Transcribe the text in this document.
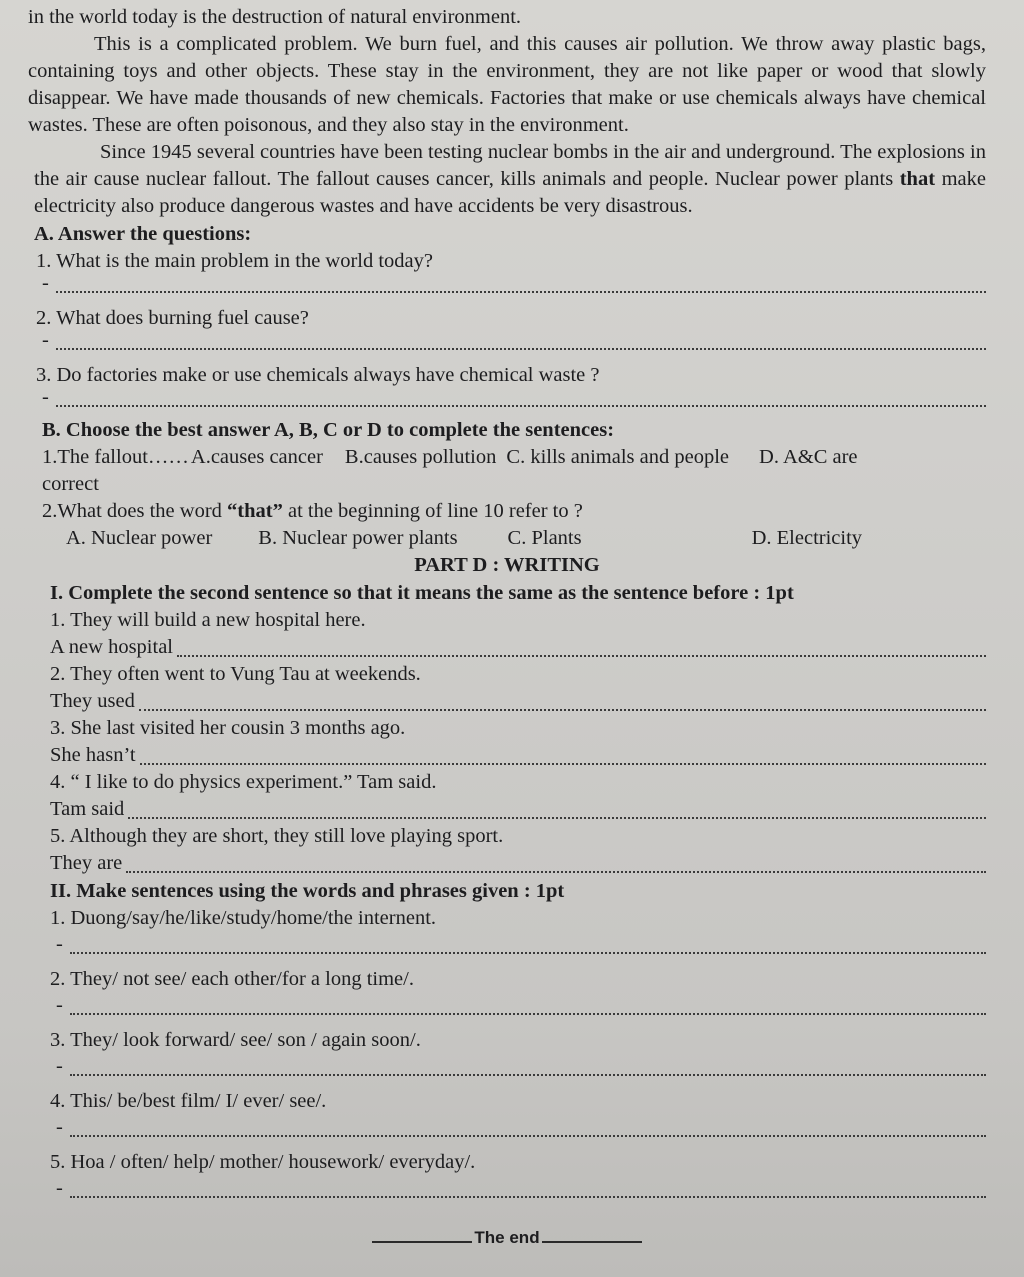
in the world today is the destruction of natural environment.

This is a complicated problem. We burn fuel, and this causes air pollution. We throw away plastic bags, containing toys and other objects. These stay in the environment, they are not like paper or wood that slowly disappear. We have made thousands of new chemicals. Factories that make or use chemicals always have chemical wastes. These are often poisonous, and they also stay in the environment.

Since 1945 several countries have been testing nuclear bombs in the air and underground. The explosions in the air cause nuclear fallout. The fallout causes cancer, kills animals and people. Nuclear power plants that make electricity also produce dangerous wastes and have accidents be very disastrous.

A. Answer the questions:

1. What is the main problem in the world today?

-

2. What does burning fuel cause?

-

3. Do factories make or use chemicals always have chemical waste ?

-

B. Choose the best answer A, B, C or D to complete the sentences:

1.The fallout…… A.causes cancer B.causes pollution C. kills animals and people D. A&C are

correct

2.What does the word “that” at the beginning of line 10 refer to ?

A. Nuclear power B. Nuclear power plants C. Plants	D. Electricity

PART D : WRITING

I. Complete the second sentence so that it means the same as the sentence before : 1pt

1. They will build a new hospital here.

A new hospital

2. They often went to Vung Tau at weekends.

They used

3. She last visited her cousin 3 months ago.

She hasn’t

4. “ I like to do physics experiment.” Tam said.

Tam said

5. Although they are short, they still love playing sport.

They are

II. Make sentences using the words and phrases given : 1pt

1. Duong/say/he/like/study/home/the internent.

-

2. They/ not see/ each other/for a long time/.

-

3. They/ look forward/ see/ son / again soon/.

-

4. This/ be/best film/ I/ ever/ see/.

-

5. Hoa / often/ help/ mother/ housework/ everyday/.

-
The end
